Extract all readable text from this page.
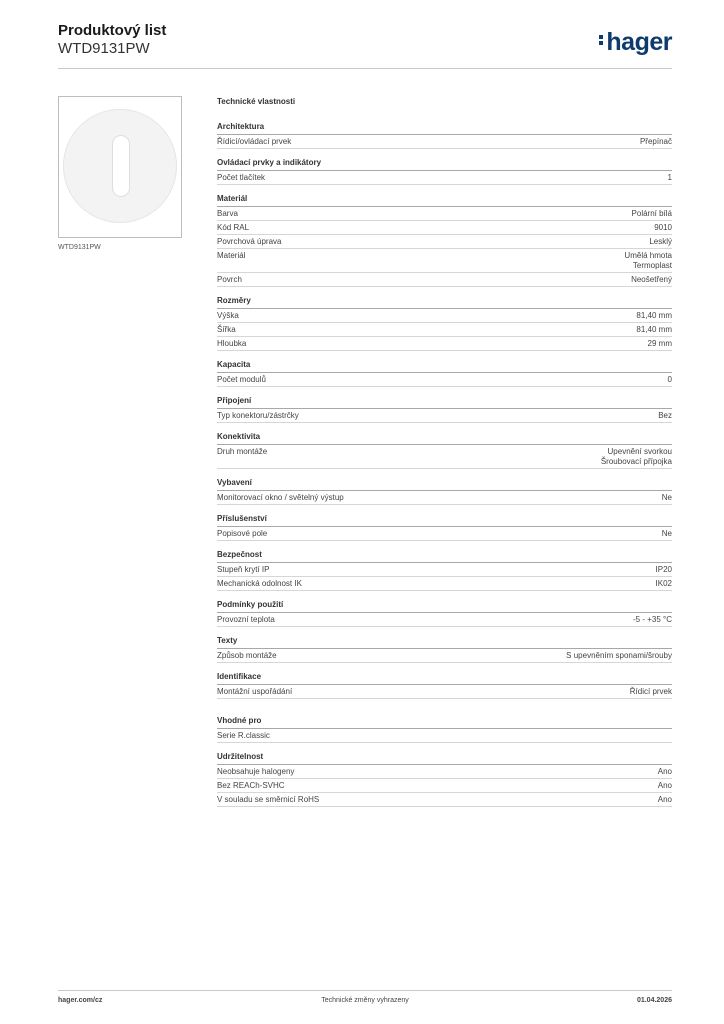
Produktový list
WTD9131PW	hager
WTD9131PW
Technické vlastnosti
Architektura
Řídicí/ovládací prvek	Přepínač
Ovládací prvky a indikátory
Počet tlačítek	1
Materiál
Barva	Polární bílá
Kód RAL	9010
Povrchová úprava	Lesklý
Materiál	Umělá hmota
Termoplast
Povrch	Neošetřený
Rozměry
Výška	81,40 mm
Šířka	81,40 mm
Hloubka	29 mm
Kapacita
Počet modulů	0
Připojení
Typ konektoru/zástrčky	Bez
Konektivita
Druh montáže	Upevnění svorkou
Šroubovací přípojka
Vybavení
Monitorovací okno / světelný výstup	Ne
Příslušenství
Popisové pole	Ne
Bezpečnost
Stupeň krytí IP	IP20
Mechanická odolnost IK	IK02
Podmínky použití
Provozní teplota	-5 - +35 °C
Texty
Způsob montáže	S upevněním sponami/šrouby
Identifikace
Montážní uspořádání	Řídicí prvek
Vhodné pro
Serie R.classic
Udržitelnost
Neobsahuje halogeny	Ano
Bez REACh-SVHC	Ano
V souladu se směrnicí RoHS	Ano
hager.com/cz	Technické změny vyhrazeny	01.04.2026
